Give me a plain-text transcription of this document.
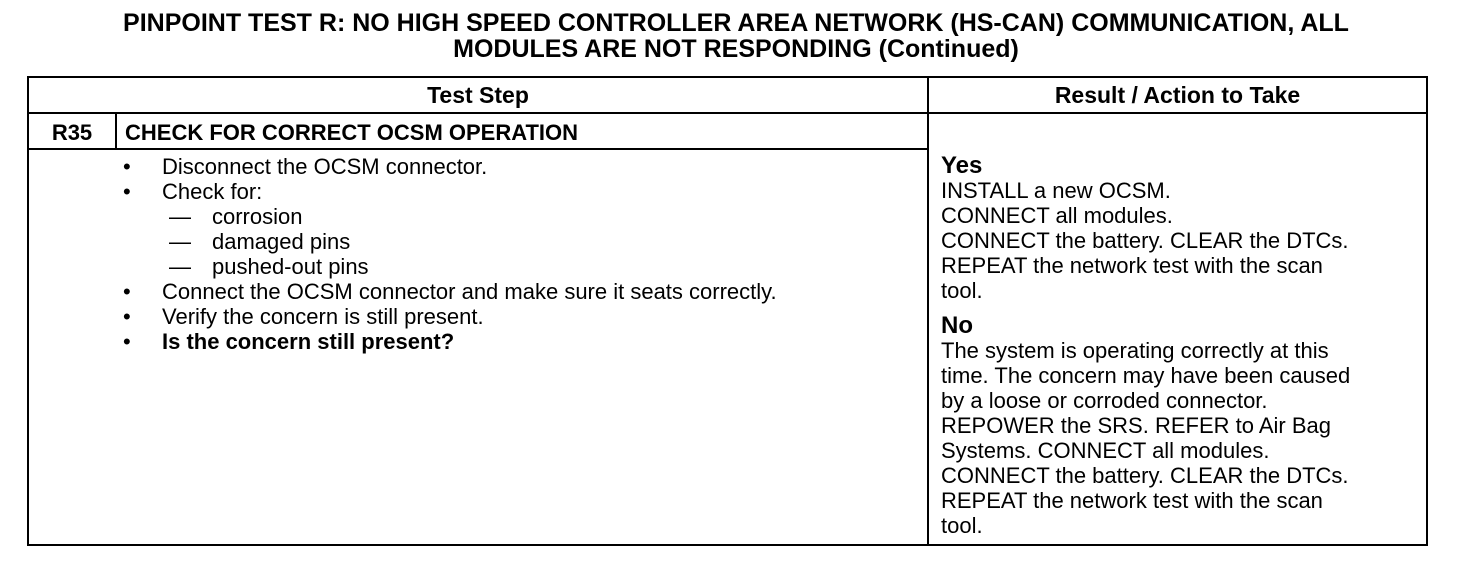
PINPOINT TEST R: NO HIGH SPEED CONTROLLER AREA NETWORK (HS-CAN) COMMUNICATION, ALL
MODULES ARE NOT RESPONDING (Continued)
Test Step	Result / Action to Take
R35	CHECK FOR CORRECT OCSM OPERATION
• Disconnect the OCSM connector.
• Check for:
— corrosion
— damaged pins
— pushed-out pins
• Connect the OCSM connector and make sure it seats correctly.
• Verify the concern is still present.
• Is the concern still present?
Yes
INSTALL a new OCSM.
CONNECT all modules.
CONNECT the battery. CLEAR the DTCs.
REPEAT the network test with the scan
tool.
No
The system is operating correctly at this
time. The concern may have been caused
by a loose or corroded connector.
REPOWER the SRS. REFER to Air Bag
Systems. CONNECT all modules.
CONNECT the battery. CLEAR the DTCs.
REPEAT the network test with the scan
tool.
